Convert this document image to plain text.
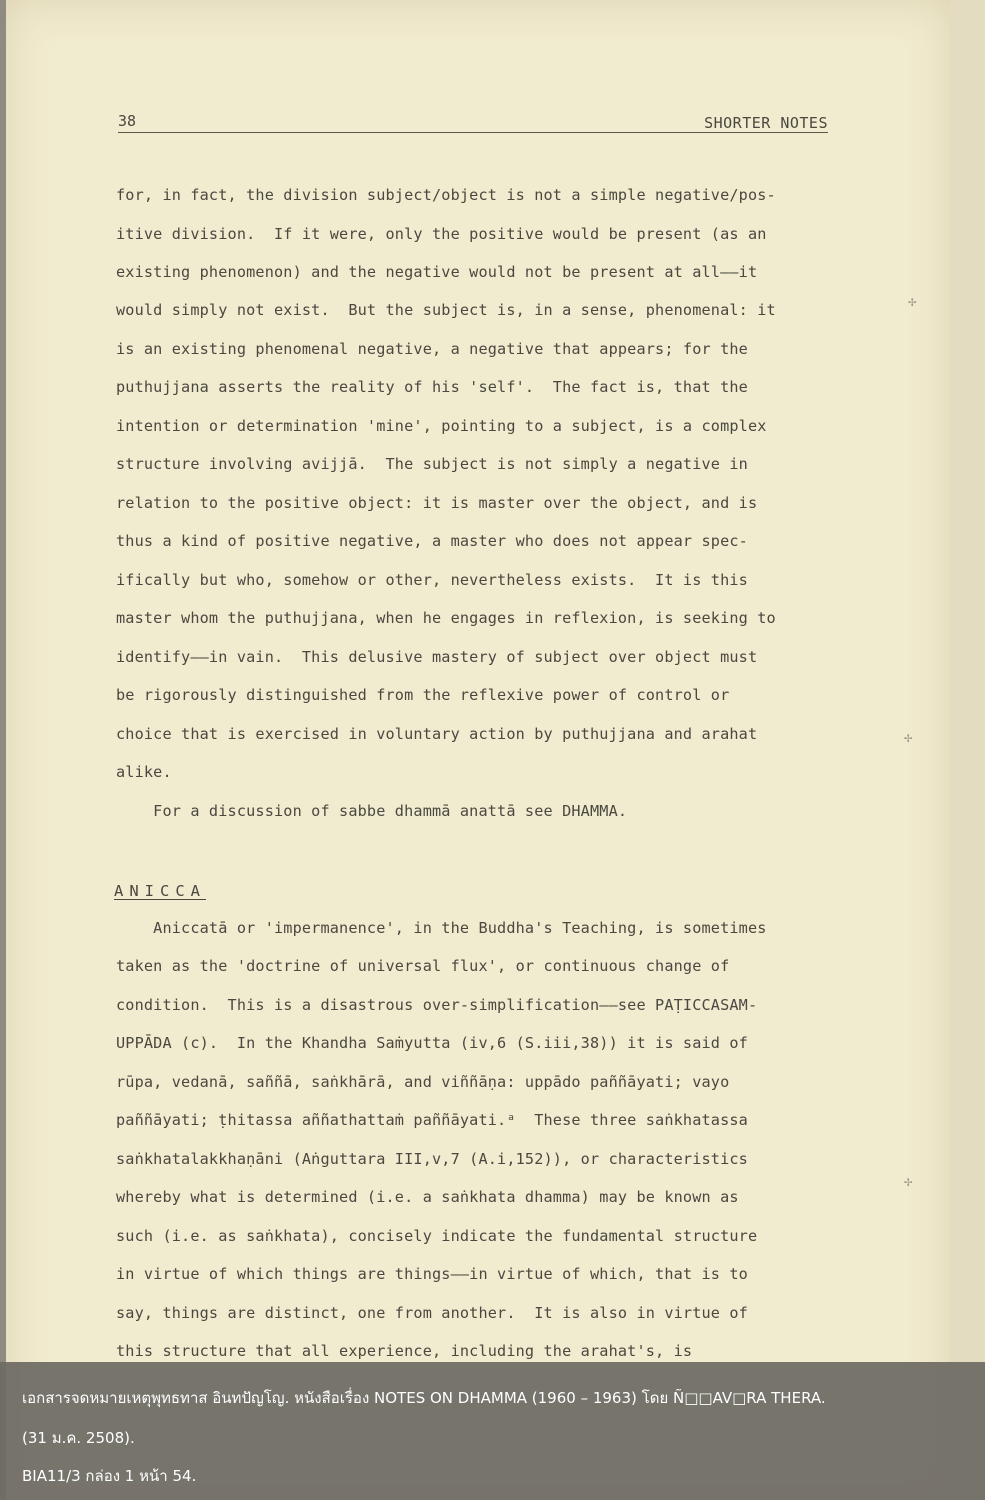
38	SHORTER NOTES
for, in fact, the division subject/object is not a simple negative/pos-
itive division.  If it were, only the positive would be present (as an
existing phenomenon) and the negative would not be present at all——it
would simply not exist.  But the subject is, in a sense, phenomenal: it
is an existing phenomenal negative, a negative that appears; for the
puthujjana asserts the reality of his 'self'.  The fact is, that the
intention or determination 'mine', pointing to a subject, is a complex
structure involving avijjā.  The subject is not simply a negative in
relation to the positive object: it is master over the object, and is
thus a kind of positive negative, a master who does not appear spec-
ifically but who, somehow or other, nevertheless exists.  It is this
master whom the puthujjana, when he engages in reflexion, is seeking to
identify——in vain.  This delusive mastery of subject over object must
be rigorously distinguished from the reflexive power of control or
choice that is exercised in voluntary action by puthujjana and arahat
alike.
For a discussion of sabbe dhammā anattā see DHAMMA.
ANICCA
Aniccatā or 'impermanence', in the Buddha's Teaching, is sometimes
taken as the 'doctrine of universal flux', or continuous change of
condition.  This is a disastrous over-simplification——see PAṬICCASAM-
UPPĀDA (c).  In the Khandha Saṁyutta (iv,6 (S.iii,38)) it is said of
rūpa, vedanā, saññā, saṅkhārā, and viññāṇa: uppādo paññāyati; vayo
paññāyati; ṭhitassa aññathattaṁ paññāyati.ᵃ  These three saṅkhatassa
saṅkhatalakkhaṇāni (Aṅguttara III,v,7 (A.i,152)), or characteristics
whereby what is determined (i.e. a saṅkhata dhamma) may be known as
such (i.e. as saṅkhata), concisely indicate the fundamental structure
in virtue of which things are things——in virtue of which, that is to
say, things are distinct, one from another.  It is also in virtue of
this structure that all experience, including the arahat's, is
✢
✢
✢
เอกสารจดหมายเหตุพุทธทาส อินทปัญโญ. หนังสือเรื่อง NOTES ON DHAMMA (1960 – 1963) โดย Ñ□□AV□RA THERA.
(31 ม.ค. 2508).
BIA11/3 กล่อง 1 หน้า 54.
